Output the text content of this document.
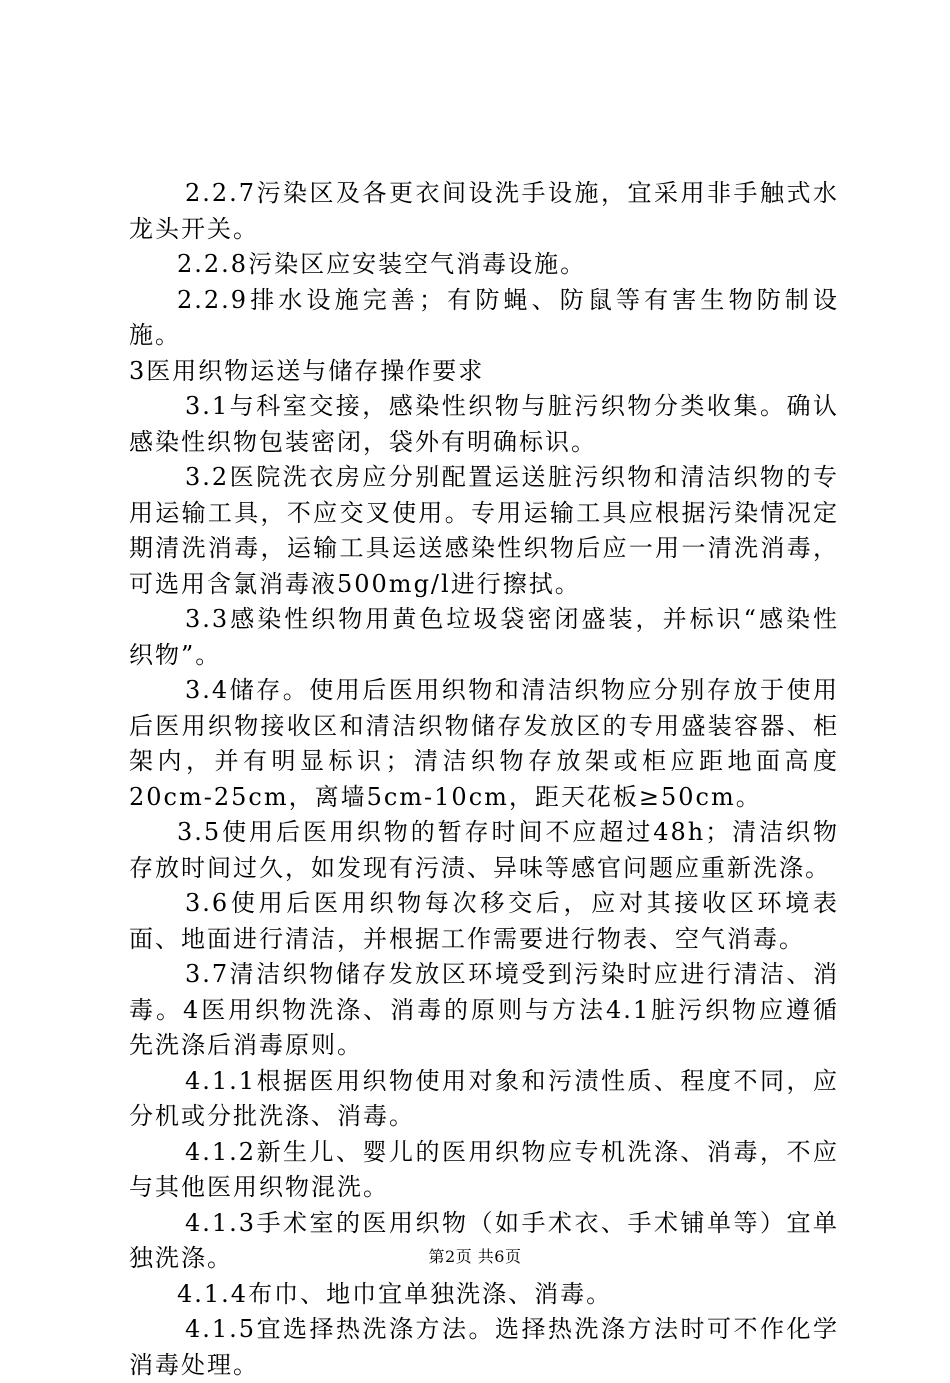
2.2.7污染区及各更衣间设洗手设施，宜采用非手触式水龙头开关。

2.2.8污染区应安装空气消毒设施。

2.2.9排水设施完善；有防蝇、防鼠等有害生物防制设施。

3医用织物运送与储存操作要求

3.1与科室交接，感染性织物与脏污织物分类收集。确认感染性织物包装密闭，袋外有明确标识。

3.2医院洗衣房应分别配置运送脏污织物和清洁织物的专用运输工具，不应交叉使用。专用运输工具应根据污染情况定期清洗消毒，运输工具运送感染性织物后应一用一清洗消毒，可选用含氯消毒液500mg/l进行擦拭。

3.3感染性织物用黄色垃圾袋密闭盛装，并标识“感染性织物”。

3.4储存。使用后医用织物和清洁织物应分别存放于使用后医用织物接收区和清洁织物储存发放区的专用盛装容器、柜架内，并有明显标识；清洁织物存放架或柜应距地面高度20cm-25cm，离墙5cm-10cm，距天花板≥50cm。

3.5使用后医用织物的暂存时间不应超过48h；清洁织物存放时间过久，如发现有污渍、异味等感官问题应重新洗涤。

3.6使用后医用织物每次移交后，应对其接收区环境表面、地面进行清洁，并根据工作需要进行物表、空气消毒。

3.7清洁织物储存发放区环境受到污染时应进行清洁、消毒。4医用织物洗涤、消毒的原则与方法4.1脏污织物应遵循先洗涤后消毒原则。

4.1.1根据医用织物使用对象和污渍性质、程度不同，应分机或分批洗涤、消毒。

4.1.2新生儿、婴儿的医用织物应专机洗涤、消毒，不应与其他医用织物混洗。

4.1.3手术室的医用织物（如手术衣、手术铺单等）宜单独洗涤。

4.1.4布巾、地巾宜单独洗涤、消毒。

4.1.5宜选择热洗涤方法。选择热洗涤方法时可不作化学消毒处理。

第2页 共6页
